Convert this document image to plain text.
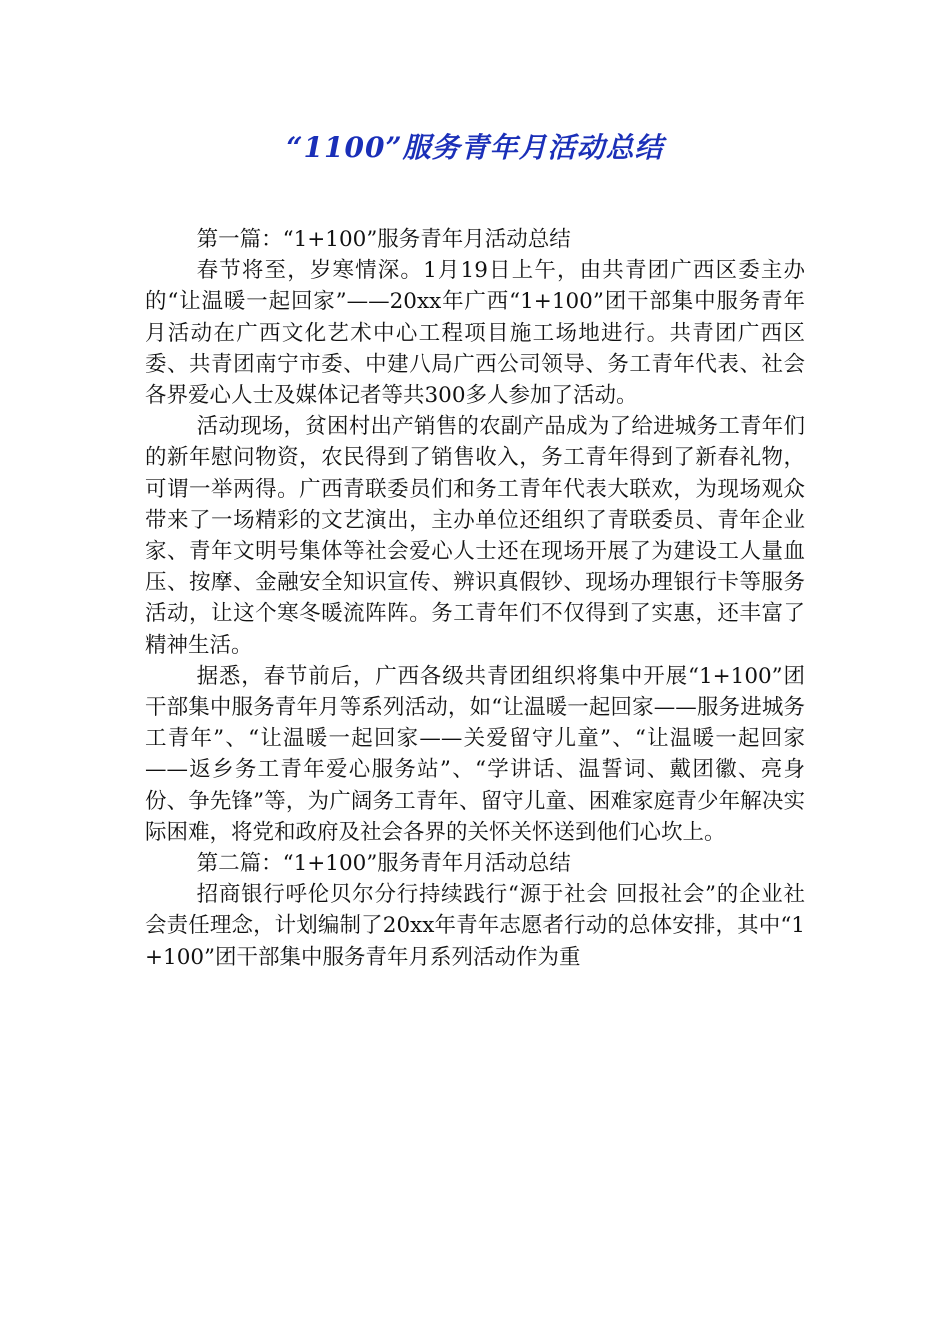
“1100”服务青年月活动总结

第一篇：“1+100”服务青年月活动总结

春节将至，岁寒情深。1月19日上午，由共青团广西区委主办的“让温暖一起回家”——20xx年广西“1+100”团干部集中服务青年月活动在广西文化艺术中心工程项目施工场地进行。共青团广西区委、共青团南宁市委、中建八局广西公司领导、务工青年代表、社会各界爱心人士及媒体记者等共300多人参加了活动。

活动现场，贫困村出产销售的农副产品成为了给进城务工青年们的新年慰问物资，农民得到了销售收入，务工青年得到了新春礼物，可谓一举两得。广西青联委员们和务工青年代表大联欢，为现场观众带来了一场精彩的文艺演出，主办单位还组织了青联委员、青年企业家、青年文明号集体等社会爱心人士还在现场开展了为建设工人量血压、按摩、金融安全知识宣传、辨识真假钞、现场办理银行卡等服务活动，让这个寒冬暖流阵阵。务工青年们不仅得到了实惠，还丰富了精神生活。

据悉，春节前后，广西各级共青团组织将集中开展“1+100”团干部集中服务青年月等系列活动，如“让温暖一起回家——服务进城务工青年”、“让温暖一起回家——关爱留守儿童”、“让温暖一起回家——返乡务工青年爱心服务站”、“学讲话、温誓词、戴团徽、亮身份、争先锋”等，为广阔务工青年、留守儿童、困难家庭青少年解决实际困难，将党和政府及社会各界的关怀关怀送到他们心坎上。

第二篇：“1+100”服务青年月活动总结

招商银行呼伦贝尔分行持续践行“源于社会 回报社会”的企业社会责任理念，计划编制了20xx年青年志愿者行动的总体安排，其中“1+100”团干部集中服务青年月系列活动作为重
